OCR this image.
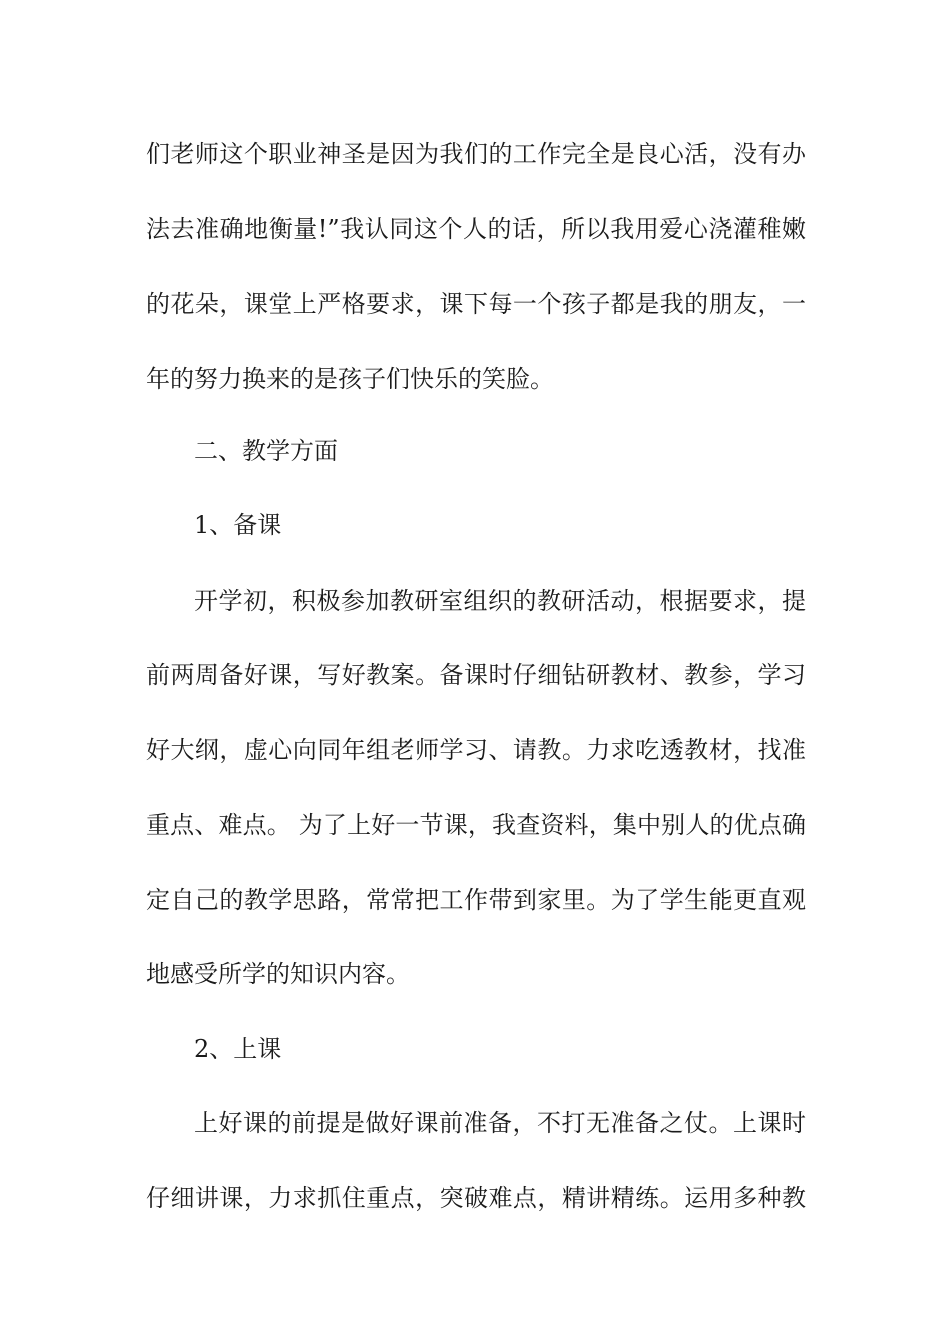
们老师这个职业神圣是因为我们的工作完全是良心活，没有办
法去准确地衡量!”我认同这个人的话，所以我用爱心浇灌稚嫩
的花朵，课堂上严格要求，课下每一个孩子都是我的朋友，一
年的努力换来的是孩子们快乐的笑脸。
二、教学方面
1、备课
开学初，积极参加教研室组织的教研活动，根据要求，提
前两周备好课，写好教案。备课时仔细钻研教材、教参，学习
好大纲，虚心向同年组老师学习、请教。力求吃透教材，找准
重点、难点。 为了上好一节课，我查资料，集中别人的优点确
定自己的教学思路，常常把工作带到家里。为了学生能更直观
地感受所学的知识内容。
2、上课
上好课的前提是做好课前准备，不打无准备之仗。上课时
仔细讲课，力求抓住重点，突破难点，精讲精练。运用多种教
